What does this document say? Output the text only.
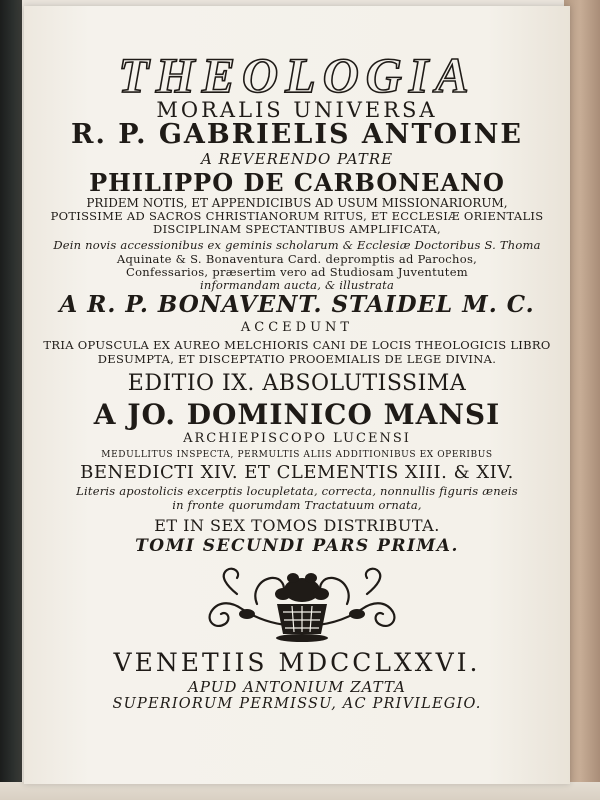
THEOLOGIA
MORALIS UNIVERSA
R. P. GABRIELIS ANTOINE
A REVERENDO PATRE
PHILIPPO DE CARBONEANO
PRIDEM NOTIS, ET APPENDICIBUS AD USUM MISSIONARIORUM,
POTISSIME AD SACROS CHRISTIANORUM RITUS, ET ECCLESIÆ ORIENTALIS
DISCIPLINAM SPECTANTIBUS AMPLIFICATA,
Dein novis accessionibus ex geminis scholarum & Ecclesiæ Doctoribus S. Thoma
Aquinate & S. Bonaventura Card. depromptis ad Parochos,
Confessarios, præsertim vero ad Studiosam Juventutem
informandam aucta, & illustrata
A R. P. BONAVENT. STAIDEL M. C.
ACCEDUNT
TRIA OPUSCULA EX AUREO MELCHIORIS CANI DE LOCIS THEOLOGICIS LIBRO
DESUMPTA, ET DISCEPTATIO PROOEMIALIS DE LEGE DIVINA.
EDITIO IX. ABSOLUTISSIMA
A JO. DOMINICO MANSI
ARCHIEPISCOPO LUCENSI
MEDULLITUS INSPECTA, PERMULTIS ALIIS ADDITIONIBUS EX OPERIBUS
BENEDICTI XIV. ET CLEMENTIS XIII. & XIV.
Literis apostolicis excerptis locupletata, correcta, nonnullis figuris æneis
in fronte quorumdam Tractatuum ornata,
ET IN SEX TOMOS DISTRIBUTA.
TOMI SECUNDI PARS PRIMA.
VENETIIS MDCCLXXVI.
APUD ANTONIUM ZATTA
SUPERIORUM PERMISSU, AC PRIVILEGIO.
